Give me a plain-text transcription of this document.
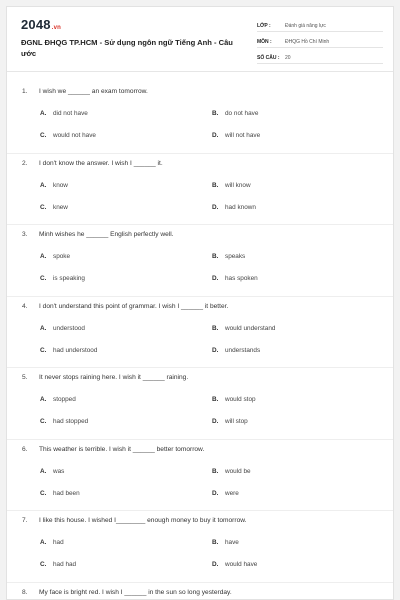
2048.vn
ĐGNL ĐHQG TP.HCM - Sử dụng ngôn ngữ Tiếng Anh - Câu ước
LỚP :	Đánh giá năng lực
MÔN :	ĐHQG Hồ Chí Minh
SỐ CÂU :	20
1. I wish we ______ an exam tomorrow.
A. did not have	B. do not have
C. would not have	D. will not have
2. I don't know the answer. I wish I ______ it.
A. know	B. will know
C. knew	D. had known
3. Minh wishes he ______ English perfectly well.
A. spoke	B. speaks
C. is speaking	D. has spoken
4. I don't understand this point of grammar. I wish I ______ it better.
A. understood	B. would understand
C. had understood	D. understands
5. It never stops raining here. I wish it ______ raining.
A. stopped	B. would stop
C. had stopped	D. will stop
6. This weather is terrible. I wish it ______ better tomorrow.
A. was	B. would be
C. had been	D. were
7. I like this house. I wished I________ enough money to buy it tomorrow.
A. had	B. have
C. had had	D. would have
8. My face is bright red. I wish I ______ in the sun so long yesterday.
